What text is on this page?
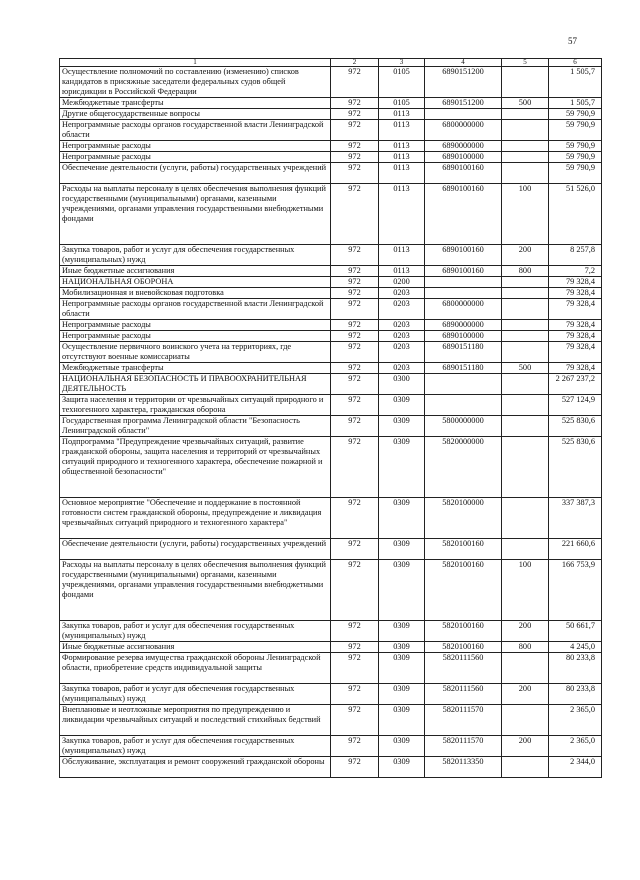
57
1	2	3	4	5	6
Осуществление полномочий по составлению (изменению) списков кандидатов в присяжные заседатели федеральных судов общей юрисдикции в Российской Федерации	972	0105	6890151200		1 505,7
Межбюджетные трансферты	972	0105	6890151200	500	1 505,7
Другие общегосударственные вопросы	972	0113			59 790,9
Непрограммные расходы органов государственной власти Ленинградской области	972	0113	6800000000		59 790,9
Непрограммные расходы	972	0113	6890000000		59 790,9
Непрограммные расходы	972	0113	6890100000		59 790,9
Обеспечение деятельности (услуги, работы) государственных учреждений	972	0113	6890100160		59 790,9
Расходы на выплаты персоналу в целях обеспечения выполнения функций государственными (муниципальными) органами, казенными учреждениями, органами управления государственными внебюджетными фондами	972	0113	6890100160	100	51 526,0
Закупка товаров, работ и услуг для обеспечения государственных (муниципальных) нужд	972	0113	6890100160	200	8 257,8
Иные бюджетные ассигнования	972	0113	6890100160	800	7,2
НАЦИОНАЛЬНАЯ ОБОРОНА	972	0200			79 328,4
Мобилизационная и вневойсковая подготовка	972	0203			79 328,4
Непрограммные расходы органов государственной власти Ленинградской области	972	0203	6800000000		79 328,4
Непрограммные расходы	972	0203	6890000000		79 328,4
Непрограммные расходы	972	0203	6890100000		79 328,4
Осуществление первичного воинского учета на территориях, где отсутствуют военные комиссариаты	972	0203	6890151180		79 328,4
Межбюджетные трансферты	972	0203	6890151180	500	79 328,4
НАЦИОНАЛЬНАЯ БЕЗОПАСНОСТЬ И ПРАВООХРАНИТЕЛЬНАЯ ДЕЯТЕЛЬНОСТЬ	972	0300			2 267 237,2
Защита населения и территории от чрезвычайных ситуаций природного и техногенного характера, гражданская оборона	972	0309			527 124,9
Государственная программа Ленинградской области "Безопасность Ленинградской области"	972	0309	5800000000		525 830,6
Подпрограмма "Предупреждение чрезвычайных ситуаций, развитие гражданской обороны, защита населения и территорий от чрезвычайных ситуаций природного и техногенного характера, обеспечение пожарной и общественной безопасности"	972	0309	5820000000		525 830,6
Основное мероприятие "Обеспечение и поддержание в постоянной готовности систем гражданской обороны, предупреждение и ликвидация чрезвычайных ситуаций природного и техногенного характера"	972	0309	5820100000		337 387,3
Обеспечение деятельности (услуги, работы) государственных учреждений	972	0309	5820100160		221 660,6
Расходы на выплаты персоналу в целях обеспечения выполнения функций государственными (муниципальными) органами, казенными учреждениями, органами управления государственными внебюджетными фондами	972	0309	5820100160	100	166 753,9
Закупка товаров, работ и услуг для обеспечения государственных (муниципальных) нужд	972	0309	5820100160	200	50 661,7
Иные бюджетные ассигнования	972	0309	5820100160	800	4 245,0
Формирование резерва имущества гражданской обороны Ленинградской области, приобретение средств индивидуальной защиты	972	0309	5820111560		80 233,8
Закупка товаров, работ и услуг для обеспечения государственных (муниципальных) нужд	972	0309	5820111560	200	80 233,8
Внеплановые и неотложные мероприятия по предупреждению и ликвидации чрезвычайных ситуаций и последствий стихийных бедствий	972	0309	5820111570		2 365,0
Закупка товаров, работ и услуг для обеспечения государственных (муниципальных) нужд	972	0309	5820111570	200	2 365,0
Обслуживание, эксплуатация и ремонт сооружений гражданской обороны	972	0309	5820113350		2 344,0
